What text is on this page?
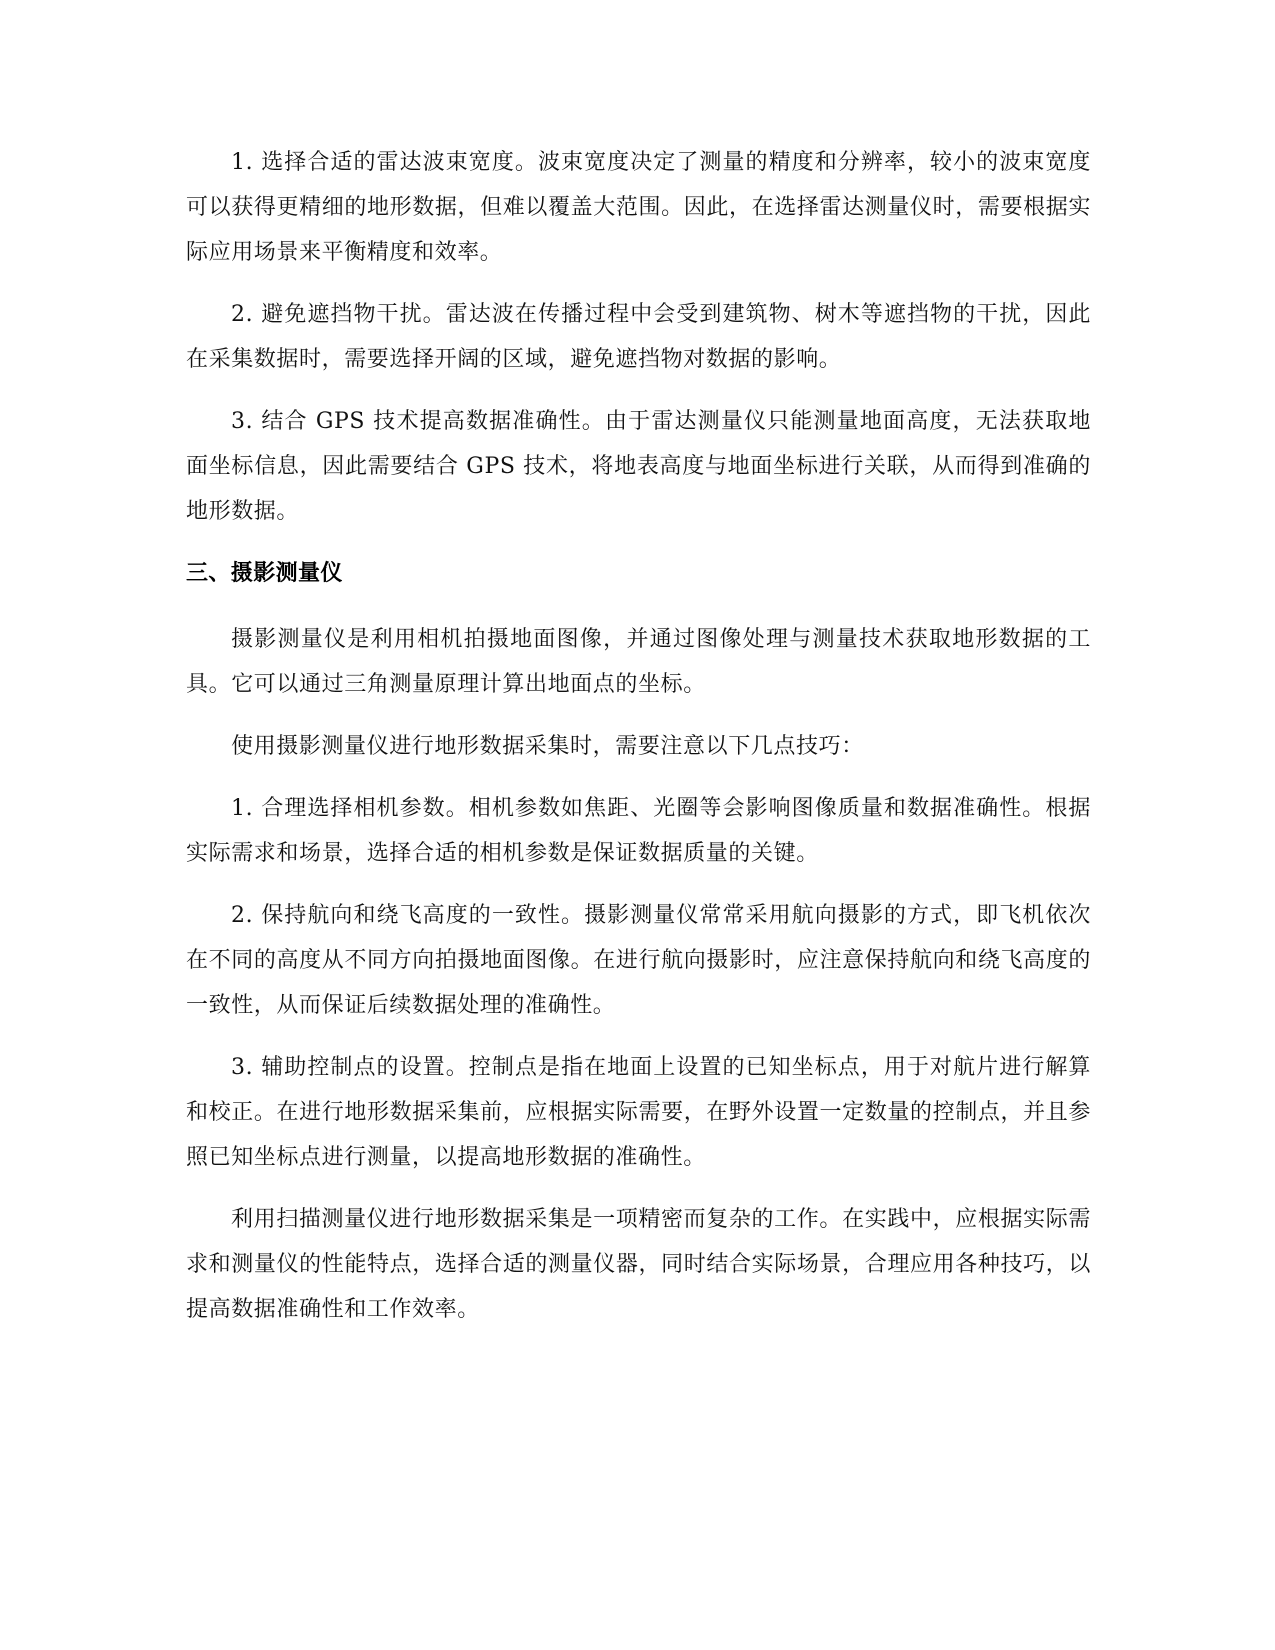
1. 选择合适的雷达波束宽度。波束宽度决定了测量的精度和分辨率，较小的波束宽度可以获得更精细的地形数据，但难以覆盖大范围。因此，在选择雷达测量仪时，需要根据实际应用场景来平衡精度和效率。

2. 避免遮挡物干扰。雷达波在传播过程中会受到建筑物、树木等遮挡物的干扰，因此在采集数据时，需要选择开阔的区域，避免遮挡物对数据的影响。

3. 结合 GPS 技术提高数据准确性。由于雷达测量仪只能测量地面高度，无法获取地面坐标信息，因此需要结合 GPS 技术，将地表高度与地面坐标进行关联，从而得到准确的地形数据。

三、摄影测量仪

摄影测量仪是利用相机拍摄地面图像，并通过图像处理与测量技术获取地形数据的工具。它可以通过三角测量原理计算出地面点的坐标。

使用摄影测量仪进行地形数据采集时，需要注意以下几点技巧：

1. 合理选择相机参数。相机参数如焦距、光圈等会影响图像质量和数据准确性。根据实际需求和场景，选择合适的相机参数是保证数据质量的关键。

2. 保持航向和绕飞高度的一致性。摄影测量仪常常采用航向摄影的方式，即飞机依次在不同的高度从不同方向拍摄地面图像。在进行航向摄影时，应注意保持航向和绕飞高度的一致性，从而保证后续数据处理的准确性。

3. 辅助控制点的设置。控制点是指在地面上设置的已知坐标点，用于对航片进行解算和校正。在进行地形数据采集前，应根据实际需要，在野外设置一定数量的控制点，并且参照已知坐标点进行测量，以提高地形数据的准确性。

利用扫描测量仪进行地形数据采集是一项精密而复杂的工作。在实践中，应根据实际需求和测量仪的性能特点，选择合适的测量仪器，同时结合实际场景，合理应用各种技巧，以提高数据准确性和工作效率。
